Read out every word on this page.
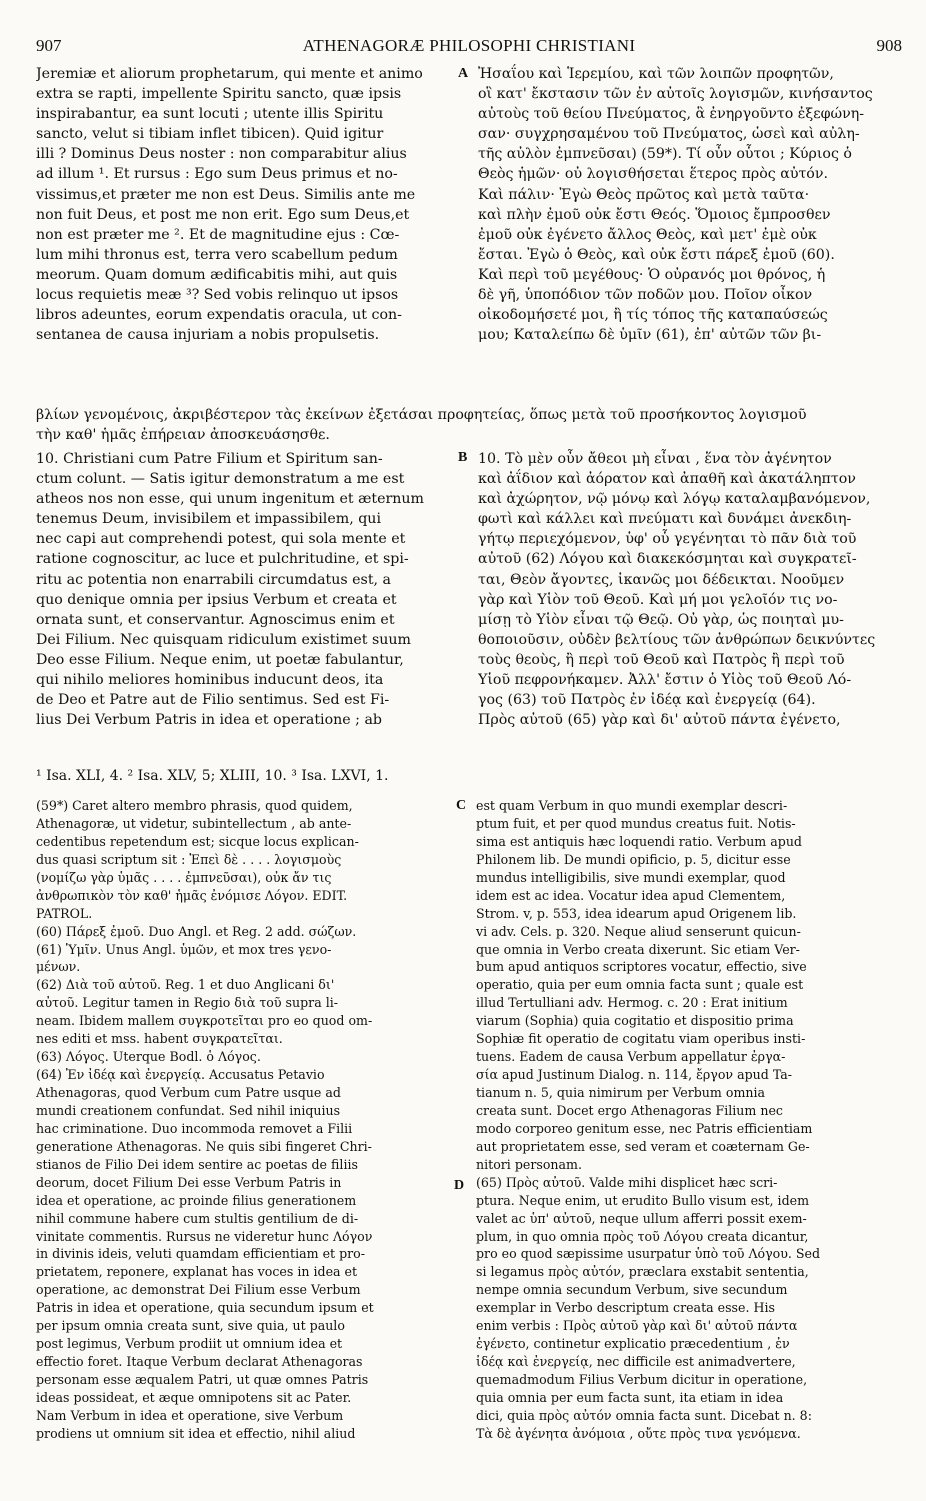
907	ATHENAGORÆ PHILOSOPHI CHRISTIANI	908
A
B
C
D
Jeremiæ et aliorum prophetarum, qui mente et animo
extra se rapti, impellente Spiritu sancto, quæ ipsis
inspirabantur, ea sunt locuti ; utente illis Spiritu
sancto, velut si tibiam inflet tibicen). Quid igitur
illi ? Dominus Deus noster : non comparabitur alius
ad illum ¹. Et rursus : Ego sum Deus primus et no-
vissimus,et præter me non est Deus. Similis ante me
non fuit Deus, et post me non erit. Ego sum Deus,et
non est præter me ². Et de magnitudine ejus : Cœ-
lum mihi thronus est, terra vero scabellum pedum
meorum. Quam domum ædificabitis mihi, aut quis
locus requietis meæ ³? Sed vobis relinquo ut ipsos
libros adeuntes, eorum expendatis oracula, ut con-
sentanea de causa injuriam a nobis propulsetis.
Ἠσαΐου καὶ Ἱερεμίου, καὶ τῶν λοιπῶν προφητῶν,
οἳ κατ' ἔκστασιν τῶν ἐν αὐτοῖς λογισμῶν, κινήσαντος
αὐτοὺς τοῦ θείου Πνεύματος, ἃ ἐνηργοῦντο ἐξεφώνη-
σαν· συγχρησαμένου τοῦ Πνεύματος, ὡσεὶ καὶ αὐλη-
τῆς αὐλὸν ἐμπνεῦσαι) (59*). Τί οὖν οὗτοι ; Κύριος ὁ
Θεὸς ἡμῶν· οὐ λογισθήσεται ἕτερος πρὸς αὐτόν.
Καὶ πάλιν· Ἐγὼ Θεὸς πρῶτος καὶ μετὰ ταῦτα·
καὶ πλὴν ἐμοῦ οὐκ ἔστι Θεός. Ὅμοιος ἔμπροσθεν
ἐμοῦ οὐκ ἐγένετο ἄλλος Θεὸς, καὶ μετ' ἐμὲ οὐκ
ἔσται. Ἐγὼ ὁ Θεὸς, καὶ οὐκ ἔστι πάρεξ ἐμοῦ (60).
Καὶ περὶ τοῦ μεγέθους· Ὁ οὐρανός μοι θρόνος, ἡ
δὲ γῆ, ὑποπόδιον τῶν ποδῶν μου. Ποῖον οἶκον
οἰκοδομήσετέ μοι, ἢ τίς τόπος τῆς καταπαύσεώς
μου; Καταλείπω δὲ ὑμῖν (61), ἐπ' αὐτῶν τῶν βι-
βλίων γενομένοις, ἀκριβέστερον τὰς ἐκείνων ἐξετάσαι προφητείας, ὅπως μετὰ τοῦ προσήκοντος λογισμοῦ
τὴν καθ' ἡμᾶς ἐπήρειαν ἀποσκευάσησθε.
10. Christiani cum Patre Filium et Spiritum san-
ctum colunt. — Satis igitur demonstratum a me est
atheos nos non esse, qui unum ingenitum et æternum
tenemus Deum, invisibilem et impassibilem, qui
nec capi aut comprehendi potest, qui sola mente et
ratione cognoscitur, ac luce et pulchritudine, et spi-
ritu ac potentia non enarrabili circumdatus est, a
quo denique omnia per ipsius Verbum et creata et
ornata sunt, et conservantur. Agnoscimus enim et
Dei Filium. Nec quisquam ridiculum existimet suum
Deo esse Filium. Neque enim, ut poetæ fabulantur,
qui nihilo meliores hominibus inducunt deos, ita
de Deo et Patre aut de Filio sentimus. Sed est Fi-
lius Dei Verbum Patris in idea et operatione ; ab
10. Τὸ μὲν οὖν ἄθεοι μὴ εἶναι , ἕνα τὸν ἀγένητον
καὶ ἀΐδιον καὶ ἀόρατον καὶ ἀπαθῆ καὶ ἀκατάληπτον
καὶ ἀχώρητον, νῷ μόνῳ καὶ λόγῳ καταλαμβανόμενον,
φωτὶ καὶ κάλλει καὶ πνεύματι καὶ δυνάμει ἀνεκδιη-
γήτῳ περιεχόμενον, ὑφ' οὗ γεγένηται τὸ πᾶν διὰ τοῦ
αὐτοῦ (62) Λόγου καὶ διακεκόσμηται καὶ συγκρατεῖ-
ται, Θεὸν ἄγοντες, ἱκανῶς μοι δέδεικται. Νοοῦμεν
γὰρ καὶ Υἱὸν τοῦ Θεοῦ. Καὶ μή μοι γελοῖόν τις νο-
μίσῃ τὸ Υἱὸν εἶναι τῷ Θεῷ. Οὐ γὰρ, ὡς ποιηταὶ μυ-
θοποιοῦσιν, οὐδὲν βελτίους τῶν ἀνθρώπων δεικνύντες
τοὺς θεοὺς, ἢ περὶ τοῦ Θεοῦ καὶ Πατρὸς ἢ περὶ τοῦ
Υἱοῦ πεφρονήκαμεν. Ἀλλ' ἔστιν ὁ Υἱὸς τοῦ Θεοῦ Λό-
γος (63) τοῦ Πατρὸς ἐν ἰδέᾳ καὶ ἐνεργείᾳ (64).
Πρὸς αὐτοῦ (65) γὰρ καὶ δι' αὐτοῦ πάντα ἐγένετο,
¹ Isa. XLI, 4. ² Isa. XLV, 5; XLIII, 10. ³ Isa. LXVI, 1.
(59*) Caret altero membro phrasis, quod quidem,
Athenagoræ, ut videtur, subintellectum , ab ante-
cedentibus repetendum est; sicque locus explican-
dus quasi scriptum sit : Ἐπεὶ δὲ . . . . λογισμοὺς
(νομίζω γὰρ ὑμᾶς . . . . ἐμπνεῦσαι), οὐκ ἄν τις
ἀνθρωπικὸν τὸν καθ' ἡμᾶς ἐνόμισε Λόγον. EDIT.
PATROL.
(60) Πάρεξ ἐμοῦ. Duo Angl. et Reg. 2 add. σώζων.
(61) Ὑμῖν. Unus Angl. ὑμῶν, et mox tres γενο-
μένων.
(62) Διὰ τοῦ αὐτοῦ. Reg. 1 et duo Anglicani δι'
αὐτοῦ. Legitur tamen in Regio διὰ τοῦ supra li-
neam. Ibidem mallem συγκροτεῖται pro eo quod om-
nes editi et mss. habent συγκρατεῖται.
(63) Λόγος. Uterque Bodl. ὁ Λόγος.
(64) Ἐν ἰδέᾳ καὶ ἐνεργείᾳ. Accusatus Petavio
Athenagoras, quod Verbum cum Patre usque ad
mundi creationem confundat. Sed nihil iniquius
hac criminatione. Duo incommoda removet a Filii
generatione Athenagoras. Ne quis sibi fingeret Chri-
stianos de Filio Dei idem sentire ac poetas de filiis
deorum, docet Filium Dei esse Verbum Patris in
idea et operatione, ac proinde filius generationem
nihil commune habere cum stultis gentilium de di-
vinitate commentis. Rursus ne videretur hunc Λόγον
in divinis ideis, veluti quamdam efficientiam et pro-
prietatem, reponere, explanat has voces in idea et
operatione, ac demonstrat Dei Filium esse Verbum
Patris in idea et operatione, quia secundum ipsum et
per ipsum omnia creata sunt, sive quia, ut paulo
post legimus, Verbum prodiit ut omnium idea et
effectio foret. Itaque Verbum declarat Athenagoras
personam esse æqualem Patri, ut quæ omnes Patris
ideas possideat, et æque omnipotens sit ac Pater.
Nam Verbum in idea et operatione, sive Verbum
prodiens ut omnium sit idea et effectio, nihil aliud
est quam Verbum in quo mundi exemplar descri-
ptum fuit, et per quod mundus creatus fuit. Notis-
sima est antiquis hæc loquendi ratio. Verbum apud
Philonem lib. De mundi opificio, p. 5, dicitur esse
mundus intelligibilis, sive mundi exemplar, quod
idem est ac idea. Vocatur idea apud Clementem,
Strom. v, p. 553, idea idearum apud Origenem lib.
vi adv. Cels. p. 320. Neque aliud senserunt quicun-
que omnia in Verbo creata dixerunt. Sic etiam Ver-
bum apud antiquos scriptores vocatur, effectio, sive
operatio, quia per eum omnia facta sunt ; quale est
illud Tertulliani adv. Hermog. c. 20 : Erat initium
viarum (Sophia) quia cogitatio et dispositio prima
Sophiæ fit operatio de cogitatu viam operibus insti-
tuens. Eadem de causa Verbum appellatur ἐργα-
σία apud Justinum Dialog. n. 114, ἔργον apud Ta-
tianum n. 5, quia nimirum per Verbum omnia
creata sunt. Docet ergo Athenagoras Filium nec
modo corporeo genitum esse, nec Patris efficientiam
aut proprietatem esse, sed veram et coæternam Ge-
nitori personam.
(65) Πρὸς αὐτοῦ. Valde mihi displicet hæc scri-
ptura. Neque enim, ut erudito Bullo visum est, idem
valet ac ὑπ' αὐτοῦ, neque ullum afferri possit exem-
plum, in quo omnia πρὸς τοῦ Λόγου creata dicantur,
pro eo quod sæpissime usurpatur ὑπὸ τοῦ Λόγου. Sed
si legamus πρὸς αὐτόν, præclara exstabit sententia,
nempe omnia secundum Verbum, sive secundum
exemplar in Verbo descriptum creata esse. His
enim verbis : Πρὸς αὐτοῦ γὰρ καὶ δι' αὐτοῦ πάντα
ἐγένετο, continetur explicatio præcedentium , ἐν
ἰδέᾳ καὶ ἐνεργείᾳ, nec difficile est animadvertere,
quemadmodum Filius Verbum dicitur in operatione,
quia omnia per eum facta sunt, ita etiam in idea
dici, quia πρὸς αὐτόν omnia facta sunt. Dicebat n. 8:
Τὰ δὲ ἀγένητα ἀνόμοια , οὔτε πρὸς τινα γενόμενα.
